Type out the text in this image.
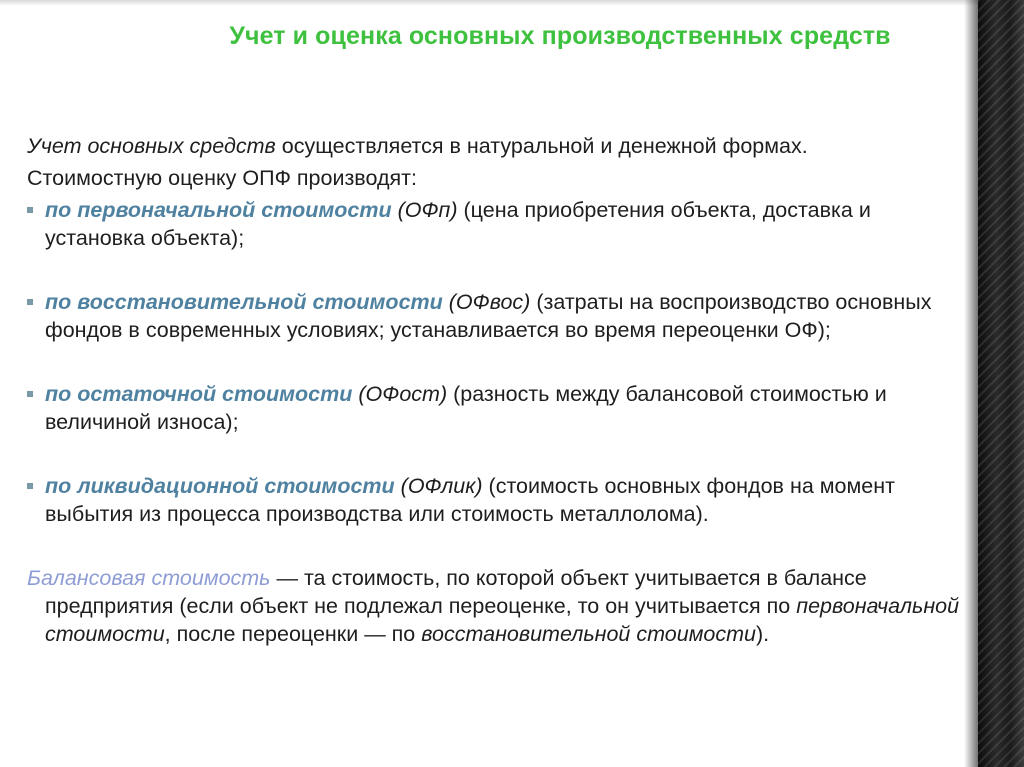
Учет и оценка основных производственных средств

Учет основных средств осуществляется в натуральной и денежной формах.

Стоимостную оценку ОПФ производят:

по первоначальной стоимости (ОФп) (цена приобретения объекта, доставка и установка объекта);
по восстановительной стоимости (ОФвос) (затраты на воспроизводство основных фондов в современных условиях; устанавливается во время переоценки ОФ);
по остаточной стоимости (ОФост) (разность между балансовой стоимостью и величиной износа);
по ликвидационной стоимости (ОФлик) (стоимость основных фондов на момент выбытия из процесса производства или стоимость металлолома).

Балансовая стоимость — та стоимость, по которой объект учитывается в балансе предприятия (если объект не подлежал переоценке, то он учитывается по первоначальной стоимости, после переоценки — по восстановительной стоимости).
